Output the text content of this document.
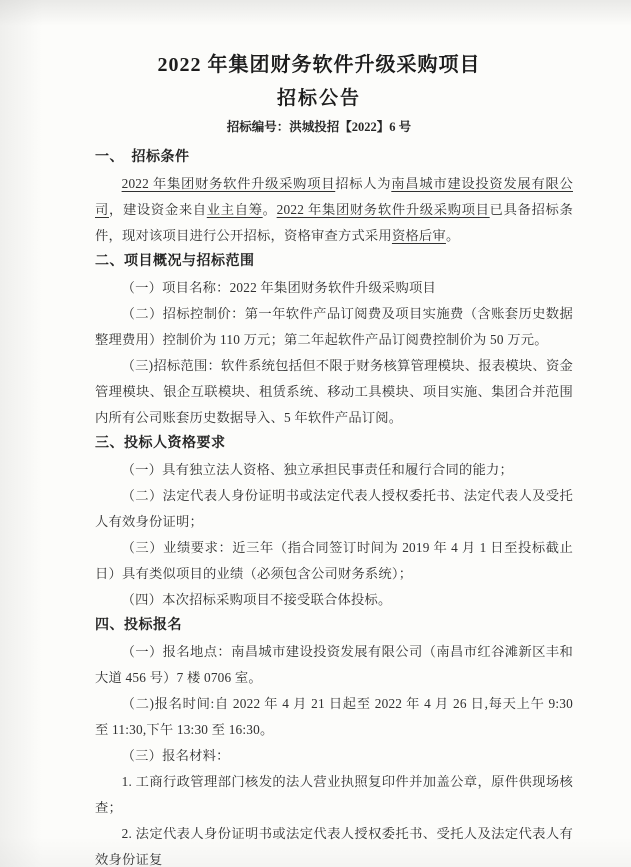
2022 年集团财务软件升级采购项目
招标公告
招标编号：洪城投招【2022】6 号
一、　招标条件

2022 年集团财务软件升级采购项目招标人为南昌城市建设投资发展有限公司，建设资金来自业主自筹。2022 年集团财务软件升级采购项目已具备招标条件，现对该项目进行公开招标，资格审查方式采用资格后审。

二、项目概况与招标范围

（一）项目名称：2022 年集团财务软件升级采购项目

（二）招标控制价：第一年软件产品订阅费及项目实施费（含账套历史数据整理费用）控制价为 110 万元；第二年起软件产品订阅费控制价为 50 万元。

（三)招标范围：软件系统包括但不限于财务核算管理模块、报表模块、资金管理模块、银企互联模块、租赁系统、移动工具模块、项目实施、集团合并范围内所有公司账套历史数据导入、5 年软件产品订阅。

三、投标人资格要求

（一）具有独立法人资格、独立承担民事责任和履行合同的能力；

（二）法定代表人身份证明书或法定代表人授权委托书、法定代表人及受托人有效身份证明；

（三）业绩要求：近三年（指合同签订时间为 2019 年 4 月 1 日至投标截止日）具有类似项目的业绩（必须包含公司财务系统）；

（四）本次招标采购项目不接受联合体投标。

四、投标报名

（一）报名地点：南昌城市建设投资发展有限公司（南昌市红谷滩新区丰和大道 456 号）7 楼 0706 室。

（二)报名时间:自 2022 年 4 月 21 日起至 2022 年 4 月 26 日,每天上午 9:30 至 11:30,下午 13:30 至 16:30。

（三）报名材料：

1. 工商行政管理部门核发的法人营业执照复印件并加盖公章，原件供现场核查；

2. 法定代表人身份证明书或法定代表人授权委托书、受托人及法定代表人有效身份证复
